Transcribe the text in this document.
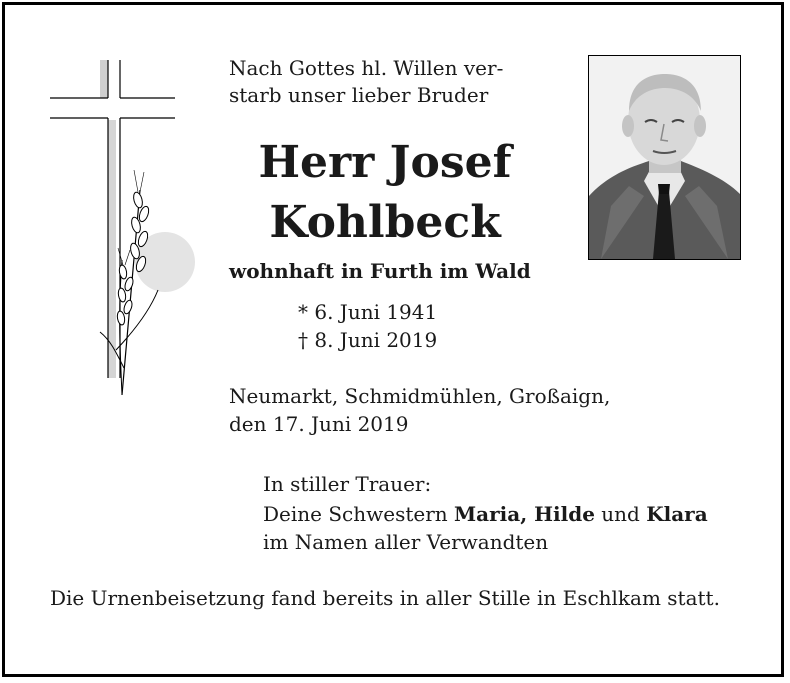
Nach Gottes hl. Willen ver-
starb unser lieber Bruder
Herr Josef
Kohlbeck
wohnhaft in Furth im Wald
* 6. Juni 1941
† 8. Juni 2019
Neumarkt, Schmidmühlen, Großaign,
den 17. Juni 2019
In stiller Trauer:
Deine Schwestern Maria, Hilde und Klara
im Namen aller Verwandten
Die Urnenbeisetzung fand bereits in aller Stille in Eschlkam statt.
